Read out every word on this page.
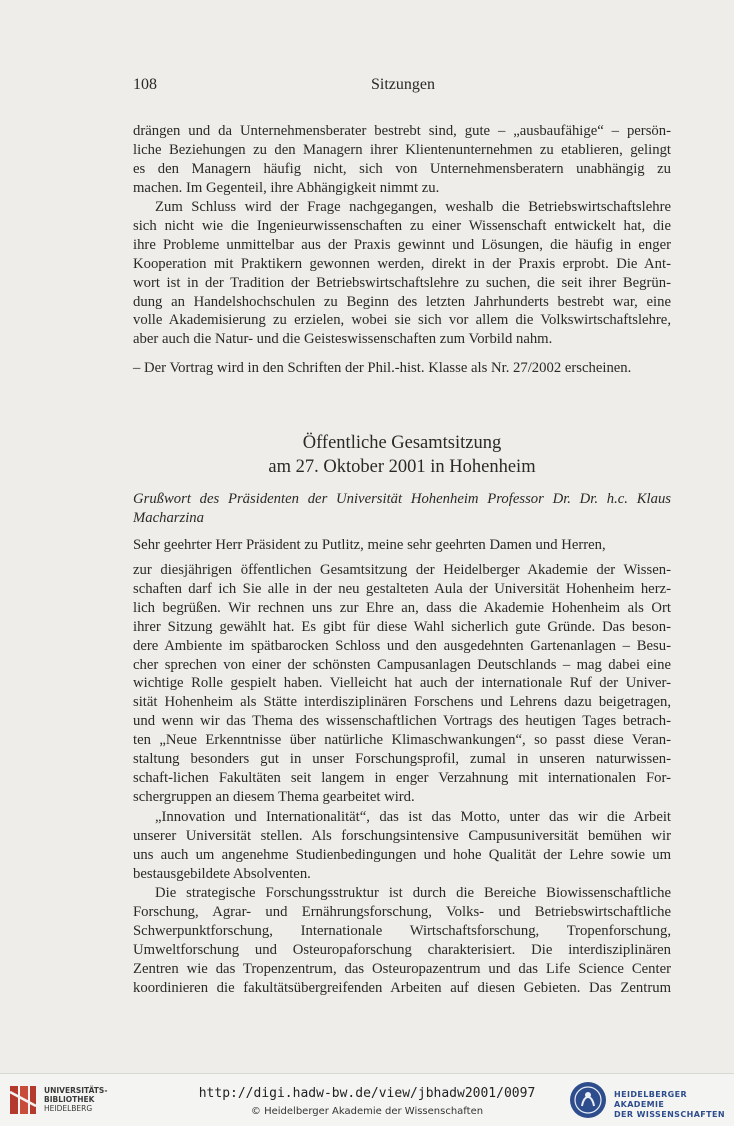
108	Sitzungen

drängen und da Unternehmensberater bestrebt sind, gute – „ausbaufähige“ – persön-
liche Beziehungen zu den Managern ihrer Klientenunternehmen zu etablieren, gelingt
es den Managern häufig nicht, sich von Unternehmensberatern unabhängig zu
machen. Im Gegenteil, ihre Abhängigkeit nimmt zu.

Zum Schluss wird der Frage nachgegangen, weshalb die Betriebswirtschaftslehre
sich nicht wie die Ingenieurwissenschaften zu einer Wissenschaft entwickelt hat, die
ihre Probleme unmittelbar aus der Praxis gewinnt und Lösungen, die häufig in enger
Kooperation mit Praktikern gewonnen werden, direkt in der Praxis erprobt. Die Ant-
wort ist in der Tradition der Betriebswirtschaftslehre zu suchen, die seit ihrer Begrün-
dung an Handelshochschulen zu Beginn des letzten Jahrhunderts bestrebt war, eine
volle Akademisierung zu erzielen, wobei sie sich vor allem die Volkswirtschaftslehre,
aber auch die Natur- und die Geisteswissenschaften zum Vorbild nahm.

– Der Vortrag wird in den Schriften der Phil.-hist. Klasse als Nr. 27/2002 erscheinen.

Öffentliche Gesamtsitzung
am 27. Oktober 2001 in Hohenheim
Grußwort des Präsidenten der Universität Hohenheim Professor Dr. Dr. h.c. Klaus
Macharzina

Sehr geehrter Herr Präsident zu Putlitz, meine sehr geehrten Damen und Herren,

zur diesjährigen öffentlichen Gesamtsitzung der Heidelberger Akademie der Wissen-
schaften darf ich Sie alle in der neu gestalteten Aula der Universität Hohenheim herz-
lich begrüßen. Wir rechnen uns zur Ehre an, dass die Akademie Hohenheim als Ort
ihrer Sitzung gewählt hat. Es gibt für diese Wahl sicherlich gute Gründe. Das beson-
dere Ambiente im spätbarocken Schloss und den ausgedehnten Gartenanlagen – Besu-
cher sprechen von einer der schönsten Campusanlagen Deutschlands – mag dabei eine
wichtige Rolle gespielt haben. Vielleicht hat auch der internationale Ruf der Univer-
sität Hohenheim als Stätte interdisziplinären Forschens und Lehrens dazu beigetragen,
und wenn wir das Thema des wissenschaftlichen Vortrags des heutigen Tages betrach-
ten „Neue Erkenntnisse über natürliche Klimaschwankungen“, so passt diese Veran-
staltung besonders gut in unser Forschungsprofil, zumal in unseren naturwissen-
schaft-lichen Fakultäten seit langem in enger Verzahnung mit internationalen For-
schergruppen an diesem Thema gearbeitet wird.

„Innovation und Internationalität“, das ist das Motto, unter das wir die Arbeit
unserer Universität stellen. Als forschungsintensive Campusuniversität bemühen wir
uns auch um angenehme Studienbedingungen und hohe Qualität der Lehre sowie um
bestausgebildete Absolventen.

Die strategische Forschungsstruktur ist durch die Bereiche Biowissenschaftliche
Forschung, Agrar- und Ernährungsforschung, Volks- und Betriebswirtschaftliche
Schwerpunktforschung, Internationale Wirtschaftsforschung, Tropenforschung,
Umweltforschung und Osteuropaforschung charakterisiert. Die interdisziplinären
Zentren wie das Tropenzentrum, das Osteuropazentrum und das Life Science Center
koordinieren die fakultätsübergreifenden Arbeiten auf diesen Gebieten. Das Zentrum

UNIVERSITÄTS-
BIBLIOTHEK
HEIDELBERG
http://digi.hadw-bw.de/view/jbhadw2001/0097
© Heidelberger Akademie der Wissenschaften
HEIDELBERGER AKADEMIE
DER WISSENSCHAFTEN
